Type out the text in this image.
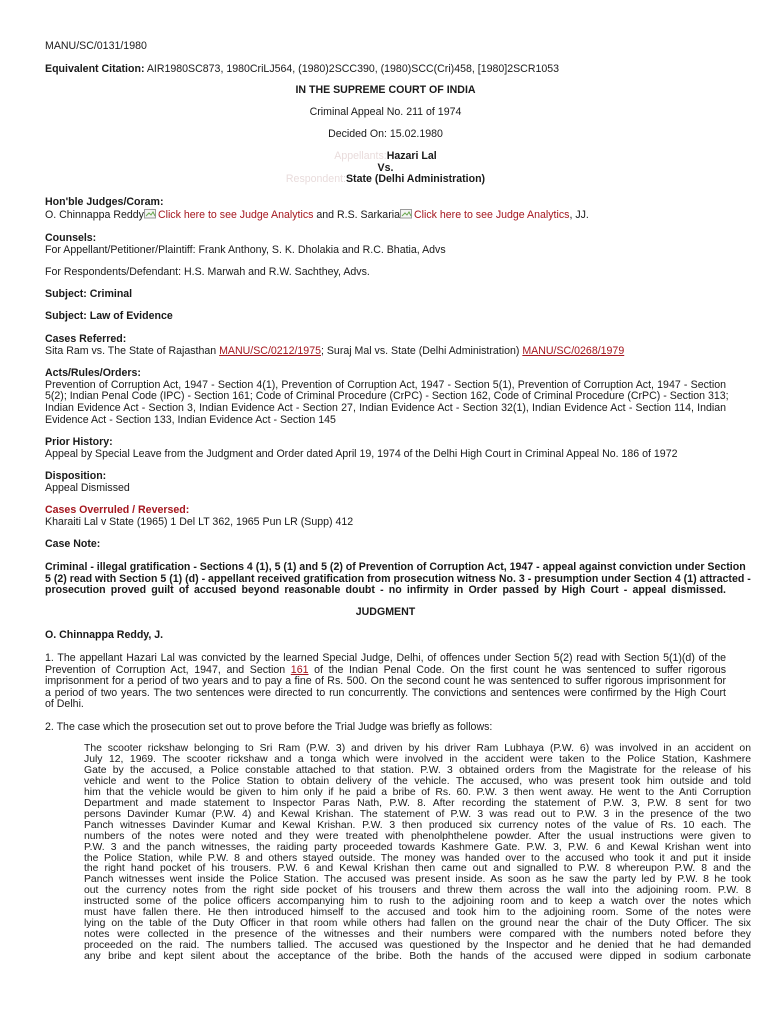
MANU/SC/0131/1980
Equivalent Citation: AIR1980SC873, 1980CriLJ564, (1980)2SCC390, (1980)SCC(Cri)458, [1980]2SCR1053
IN THE SUPREME COURT OF INDIA
Criminal Appeal No. 211 of 1974
Decided On: 15.02.1980
Appellants:Hazari Lal
Vs.
Respondent:State (Delhi Administration)
Hon'ble Judges/Coram:
O. Chinnappa Reddy Click here to see Judge Analytics and R.S. Sarkaria Click here to see Judge Analytics, JJ.
Counsels:
For Appellant/Petitioner/Plaintiff: Frank Anthony, S. K. Dholakia and R.C. Bhatia, Advs
For Respondents/Defendant: H.S. Marwah and R.W. Sachthey, Advs.
Subject: Criminal
Subject: Law of Evidence
Cases Referred:
Sita Ram vs. The State of Rajasthan MANU/SC/0212/1975; Suraj Mal vs. State (Delhi Administration) MANU/SC/0268/1979
Acts/Rules/Orders:
Prevention of Corruption Act, 1947 - Section 4(1), Prevention of Corruption Act, 1947 - Section 5(1), Prevention of Corruption Act, 1947 - Section
5(2); Indian Penal Code (IPC) - Section 161; Code of Criminal Procedure (CrPC) - Section 162, Code of Criminal Procedure (CrPC) - Section 313;
Indian Evidence Act - Section 3, Indian Evidence Act - Section 27, Indian Evidence Act - Section 32(1), Indian Evidence Act - Section 114, Indian
Evidence Act - Section 133, Indian Evidence Act - Section 145
Prior History:
Appeal by Special Leave from the Judgment and Order dated April 19, 1974 of the Delhi High Court in Criminal Appeal No. 186 of 1972
Disposition:
Appeal Dismissed
Cases Overruled / Reversed:
Kharaiti Lal v State (1965) 1 Del LT 362, 1965 Pun LR (Supp) 412
Case Note:
Criminal - illegal gratification - Sections 4 (1), 5 (1) and 5 (2) of Prevention of Corruption Act, 1947 - appeal against conviction under Section
5 (2) read with Section 5 (1) (d) - appellant received gratification from prosecution witness No. 3 - presumption under Section 4 (1) attracted -
prosecution proved guilt of accused beyond reasonable doubt - no infirmity in Order passed by High Court - appeal dismissed.
JUDGMENT
O. Chinnappa Reddy, J.
1. The appellant Hazari Lal was convicted by the learned Special Judge, Delhi, of offences under Section 5(2) read with Section 5(1)(d) of the
Prevention of Corruption Act, 1947, and Section 161 of the Indian Penal Code. On the first count he was sentenced to suffer rigorous
imprisonment for a period of two years and to pay a fine of Rs. 500. On the second count he was sentenced to suffer rigorous imprisonment for
a period of two years. The two sentences were directed to run concurrently. The convictions and sentences were confirmed by the High Court
of Delhi.
2. The case which the prosecution set out to prove before the Trial Judge was briefly as follows:
The scooter rickshaw belonging to Sri Ram (P.W. 3) and driven by his driver Ram Lubhaya (P.W. 6) was involved in an accident on
July 12, 1969. The scooter rickshaw and a tonga which were involved in the accident were taken to the Police Station, Kashmere
Gate by the accused, a Police constable attached to that station. P.W. 3 obtained orders from the Magistrate for the release of his
vehicle and went to the Police Station to obtain delivery of the vehicle. The accused, who was present took him outside and told
him that the vehicle would be given to him only if he paid a bribe of Rs. 60. P.W. 3 then went away. He went to the Anti Corruption
Department and made statement to Inspector Paras Nath, P.W. 8. After recording the statement of P.W. 3, P.W. 8 sent for two
persons Davinder Kumar (P.W. 4) and Kewal Krishan. The statement of P.W. 3 was read out to P.W. 3 in the presence of the two
Panch witnesses Davinder Kumar and Kewal Krishan. P.W. 3 then produced six currency notes of the value of Rs. 10 each. The
numbers of the notes were noted and they were treated with phenolphthelene powder. After the usual instructions were given to
P.W. 3 and the panch witnesses, the raiding party proceeded towards Kashmere Gate. P.W. 3, P.W. 6 and Kewal Krishan went into
the Police Station, while P.W. 8 and others stayed outside. The money was handed over to the accused who took it and put it inside
the right hand pocket of his trousers. P.W. 6 and Kewal Krishan then came out and signalled to P.W. 8 whereupon P.W. 8 and the
Panch witnesses went inside the Police Station. The accused was present inside. As soon as he saw the party led by P.W. 8 he took
out the currency notes from the right side pocket of his trousers and threw them across the wall into the adjoining room. P.W. 8
instructed some of the police officers accompanying him to rush to the adjoining room and to keep a watch over the notes which
must have fallen there. He then introduced himself to the accused and took him to the adjoining room. Some of the notes were
lying on the table of the Duty Officer in that room while others had fallen on the ground near the chair of the Duty Officer. The six
notes were collected in the presence of the witnesses and their numbers were compared with the numbers noted before they
proceeded on the raid. The numbers tallied. The accused was questioned by the Inspector and he denied that he had demanded
any bribe and kept silent about the acceptance of the bribe. Both the hands of the accused were dipped in sodium carbonate
